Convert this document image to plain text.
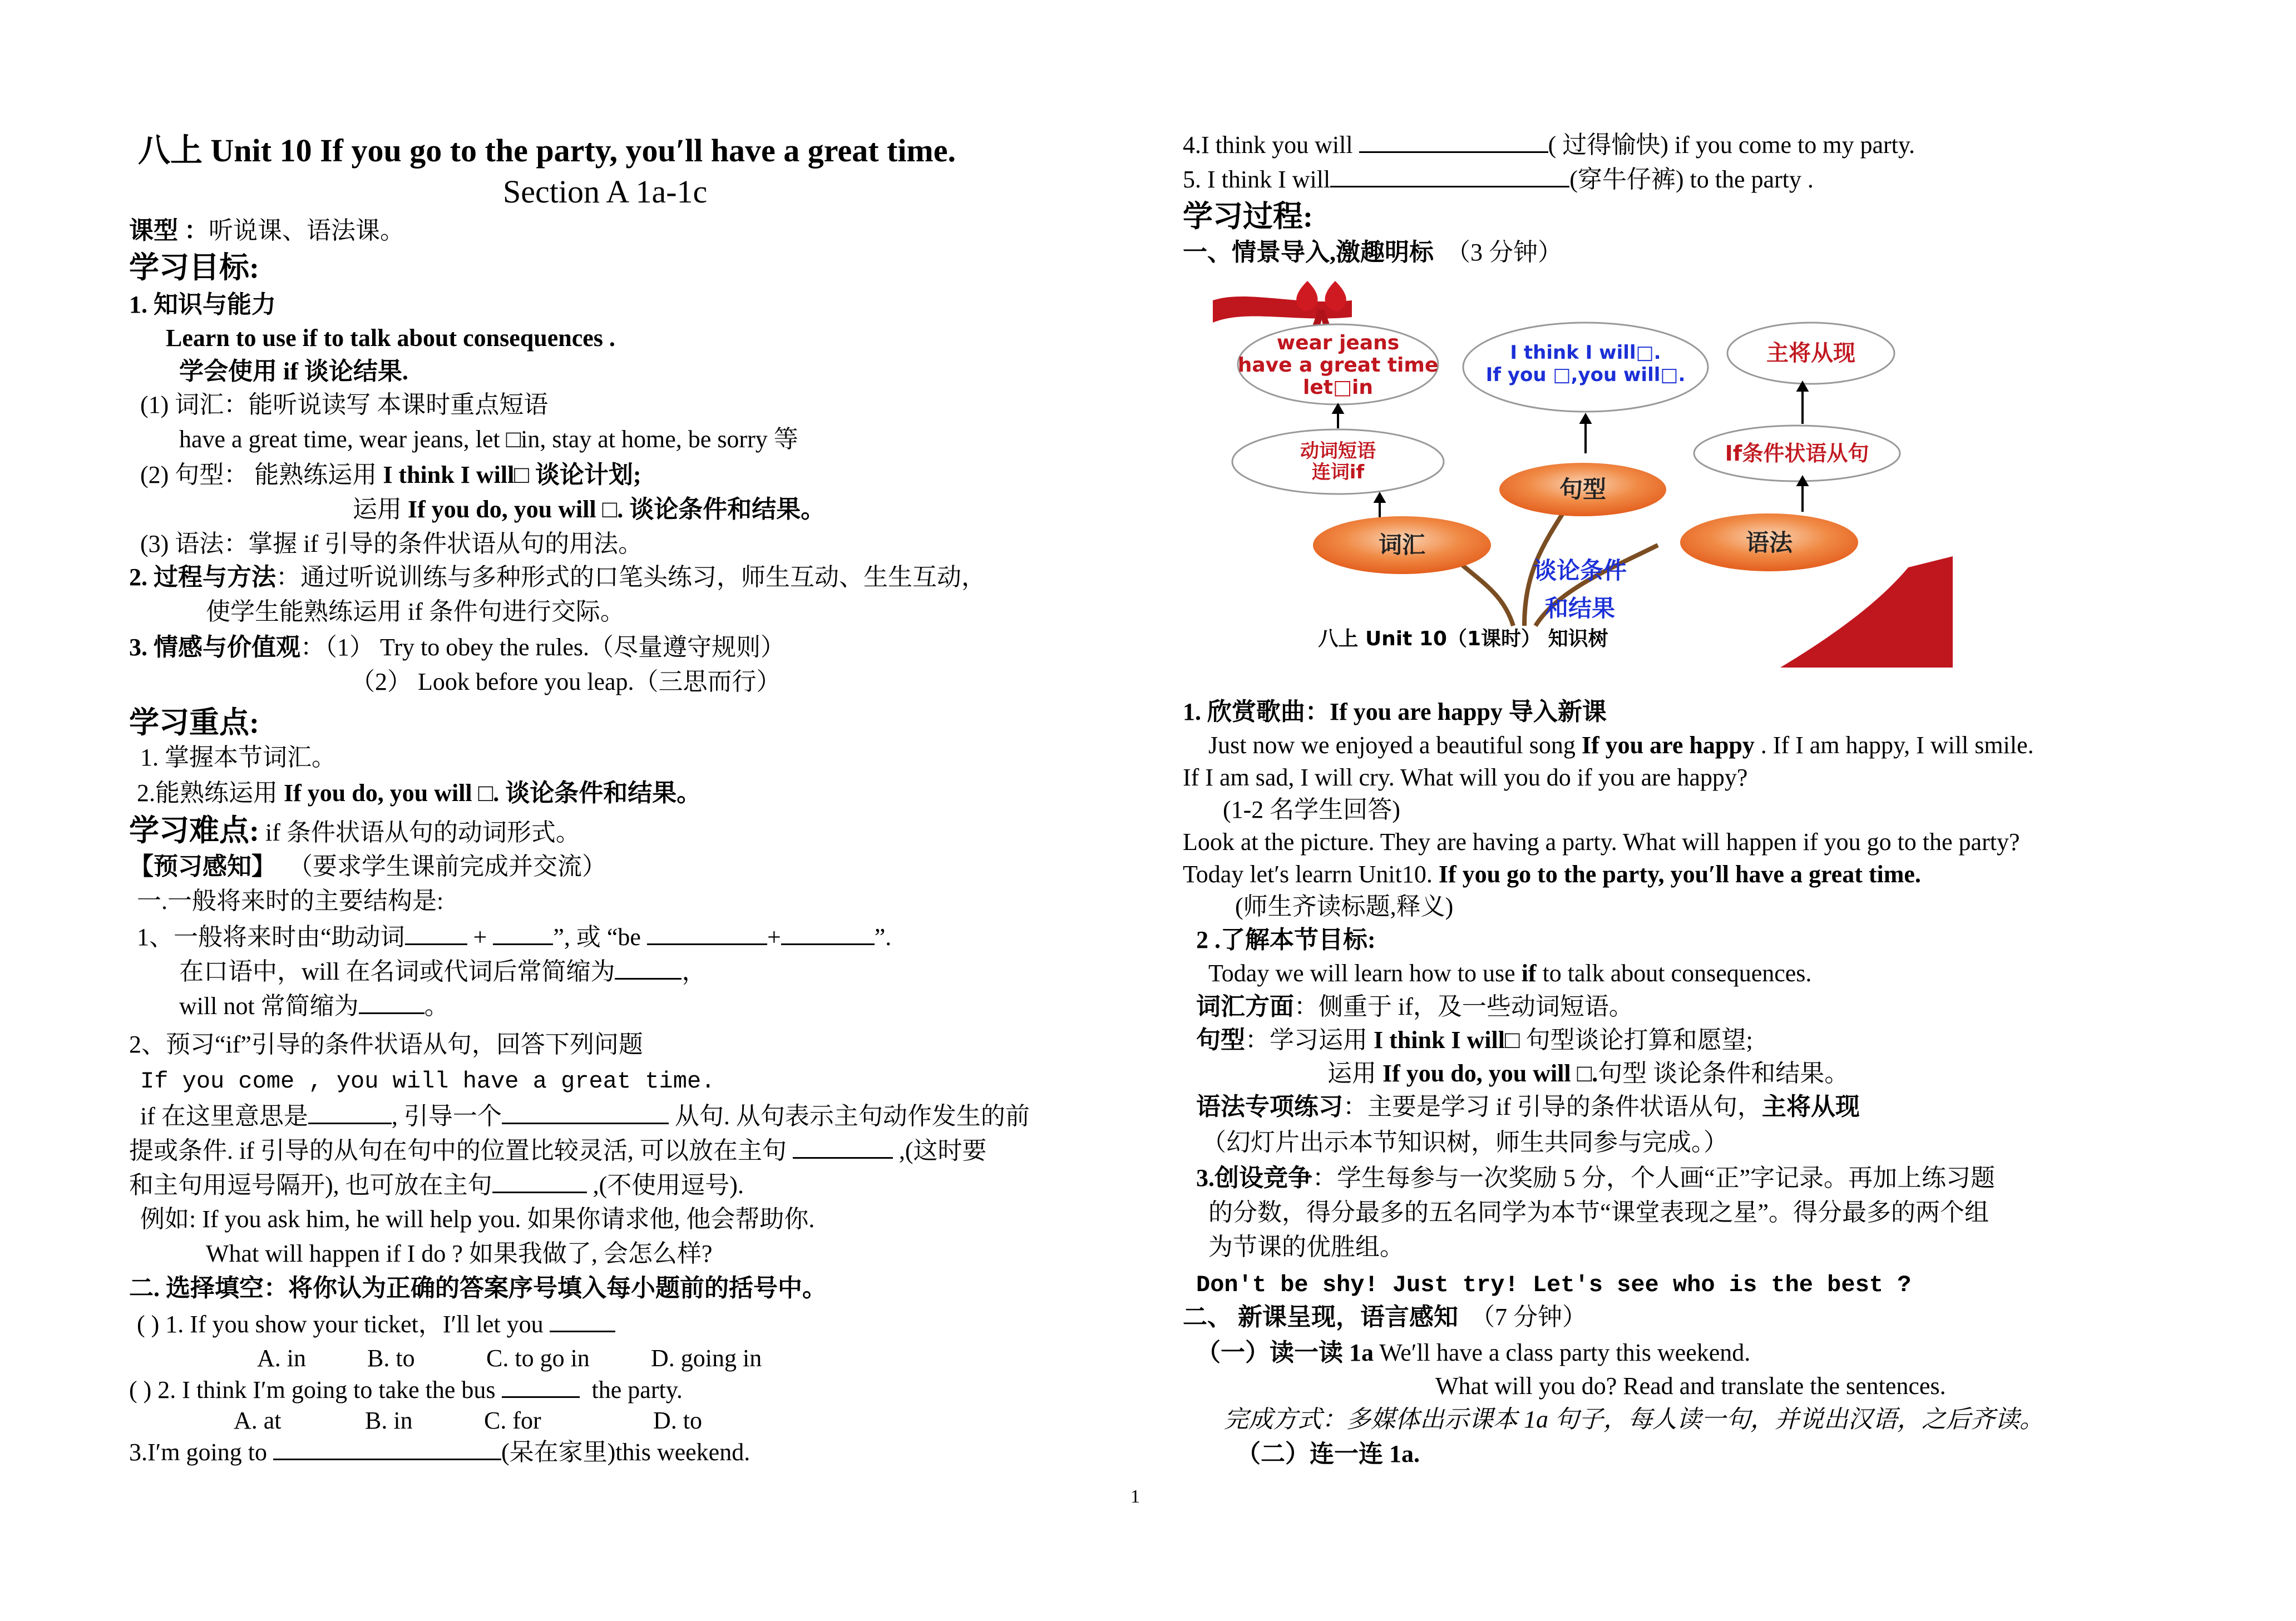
八上 Unit 10 If you go to the party, you′ll have a great time.
Section A 1a-1c
课型 ：听说课、语法课。
学习目标:
1. 知识与能力
Learn to use if to talk about consequences .
学会使用 if 谈论结果.
(1) 词汇：能听说读写 本课时重点短语
have a great time, wear jeans, let □in, stay at home, be sorry 等
(2) 句型： 能熟练运用 I think I will□ 谈论计划;
运用 If you do, you will □. 谈论条件和结果。
(3) 语法：掌握 if 引导的条件状语从句的用法。
2. 过程与方法：通过听说训练与多种形式的口笔头练习，师生互动、生生互动，
使学生能熟练运用 if 条件句进行交际。
3. 情感与价值观：（1） Try to obey the rules.（尽量遵守规则）
（2） Look before you leap.（三思而行）
学习重点:
1. 掌握本节词汇。
2.能熟练运用 If you do, you will □. 谈论条件和结果。
学习难点: if 条件状语从句的动词形式。
【预习感知】 （要求学生课前完成并交流）
一.一般将来时的主要结构是:
1、一般将来时由“助动词	+ ”, 或 “be	+	”.
在口语中，will 在名词或代词后常简缩为	，
will not 常简缩为	。
2、预习“if”引导的条件状语从句，回答下列问题
If you come , you will have a great time.
if 在这里意思是	, 引导一个	从句. 从句表示主句动作发生的前
提或条件. if 引导的从句在句中的位置比较灵活, 可以放在主句	,(这时要
和主句用逗号隔开), 也可放在主句	,(不使用逗号).
例如: If you ask him, he will help you. 如果你请求他, 他会帮助你.
What will happen if I do ? 如果我做了, 会怎么样?
二. 选择填空：将你认为正确的答案序号填入每小题前的括号中。
( ) 1. If you show your ticket，I′ll let you
A. in	B. to	C. to go in	D. going in
( ) 2. I think I′m going to take the bus	the party.
A. at	B. in	C. for	D. to
3.I′m going to	(呆在家里)this weekend.
4.I think you will	( 过得愉快) if you come to my party.
5. I think I will	(穿牛仔裤) to the party .
学习过程:
一、情景导入,激趣明标 （3 分钟）
wear jeans
have a great time
let□in
主将从现
动词短语
连词if
If条件状语从句
I think I will□.
If you □,you will□.
词汇
句型
语法
谈论条件
和结果
八上 Unit 10（1课时） 知识树
1. 欣赏歌曲：If you are happy 导入新课
Just now we enjoyed a beautiful song If you are happy . If I am happy, I will smile.
If I am sad, I will cry. What will you do if you are happy?
(1-2 名学生回答)
Look at the picture. They are having a party. What will happen if you go to the party?
Today let′s learrn Unit10. If you go to the party, you′ll have a great time.
(师生齐读标题,释义)
2 .了解本节目标:
Today we will learn how to use if to talk about consequences.
词汇方面：侧重于 if，及一些动词短语。
句型：学习运用 I think I will□ 句型谈论打算和愿望;
运用 If you do, you will □.句型 谈论条件和结果。
语法专项练习：主要是学习 if 引导的条件状语从句，主将从现
（幻灯片出示本节知识树，师生共同参与完成。）
3.创设竞争：学生每参与一次奖励 5 分，个人画“正”字记录。再加上练习题
的分数，得分最多的五名同学为本节“课堂表现之星”。得分最多的两个组
为节课的优胜组。
Don′t be shy! Just try! Let′s see who is the best ?
二、 新课呈现，语言感知 （7 分钟）
（一）读一读 1a We′ll have a class party this weekend.
What will you do? Read and translate the sentences.
完成方式：多媒体出示课本 1a 句子，每人读一句，并说出汉语，之后齐读。
（二）连一连 1a.
1
